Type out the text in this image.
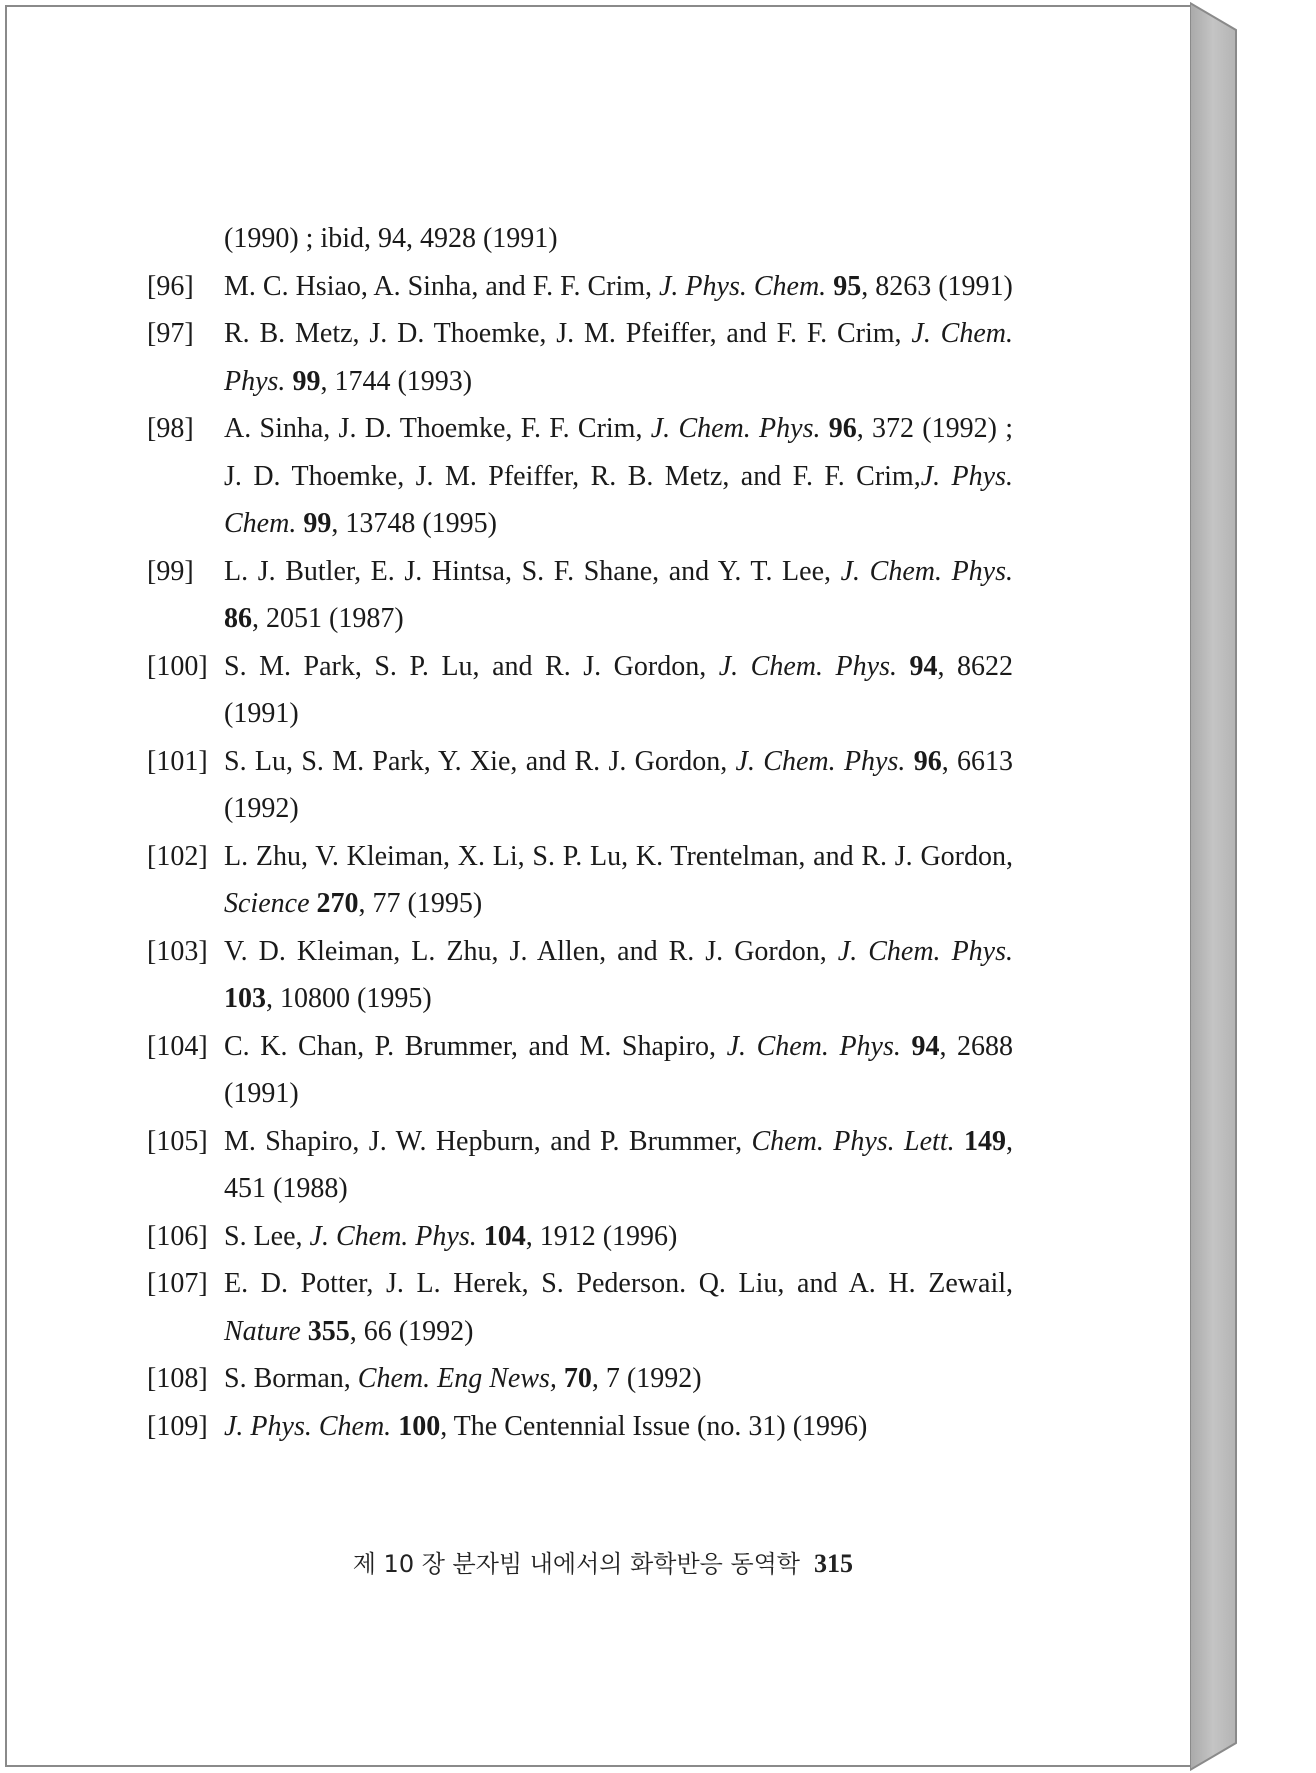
(1990) ; ibid, 94, 4928 (1991)
[96]	M. C. Hsiao, A. Sinha, and F. F. Crim, J. Phys. Chem. 95, 8263 (1991)
[97]	R. B. Metz, J. D. Thoemke, J. M. Pfeiffer, and F. F. Crim, J. Chem. Phys. 99, 1744 (1993)
[98]	A. Sinha, J. D. Thoemke, F. F. Crim, J. Chem. Phys. 96, 372 (1992) ; J. D. Thoemke, J. M. Pfeiffer, R. B. Metz, and F. F. Crim,J. Phys. Chem. 99, 13748 (1995)
[99]	L. J. Butler, E. J. Hintsa, S. F. Shane, and Y. T. Lee, J. Chem. Phys. 86, 2051 (1987)
[100] S. M. Park, S. P. Lu, and R. J. Gordon, J. Chem. Phys. 94, 8622 (1991)
[101] S. Lu, S. M. Park, Y. Xie, and R. J. Gordon, J. Chem. Phys. 96, 6613 (1992)
[102] L. Zhu, V. Kleiman, X. Li, S. P. Lu, K. Trentelman, and R. J. Gordon, Science 270, 77 (1995)
[103] V. D. Kleiman, L. Zhu, J. Allen, and R. J. Gordon, J. Chem. Phys. 103, 10800 (1995)
[104] C. K. Chan, P. Brummer, and M. Shapiro, J. Chem. Phys. 94, 2688 (1991)
[105] M. Shapiro, J. W. Hepburn, and P. Brummer, Chem. Phys. Lett. 149, 451 (1988)
[106] S. Lee, J. Chem. Phys. 104, 1912 (1996)
[107] E. D. Potter, J. L. Herek, S. Pederson. Q. Liu, and A. H. Zewail, Nature 355, 66 (1992)
[108] S. Borman, Chem. Eng News, 70, 7 (1992)
[109] J. Phys. Chem. 100, The Centennial Issue (no. 31) (1996)
제 10 장 분자빔 내에서의 화학반응 동역학 315
